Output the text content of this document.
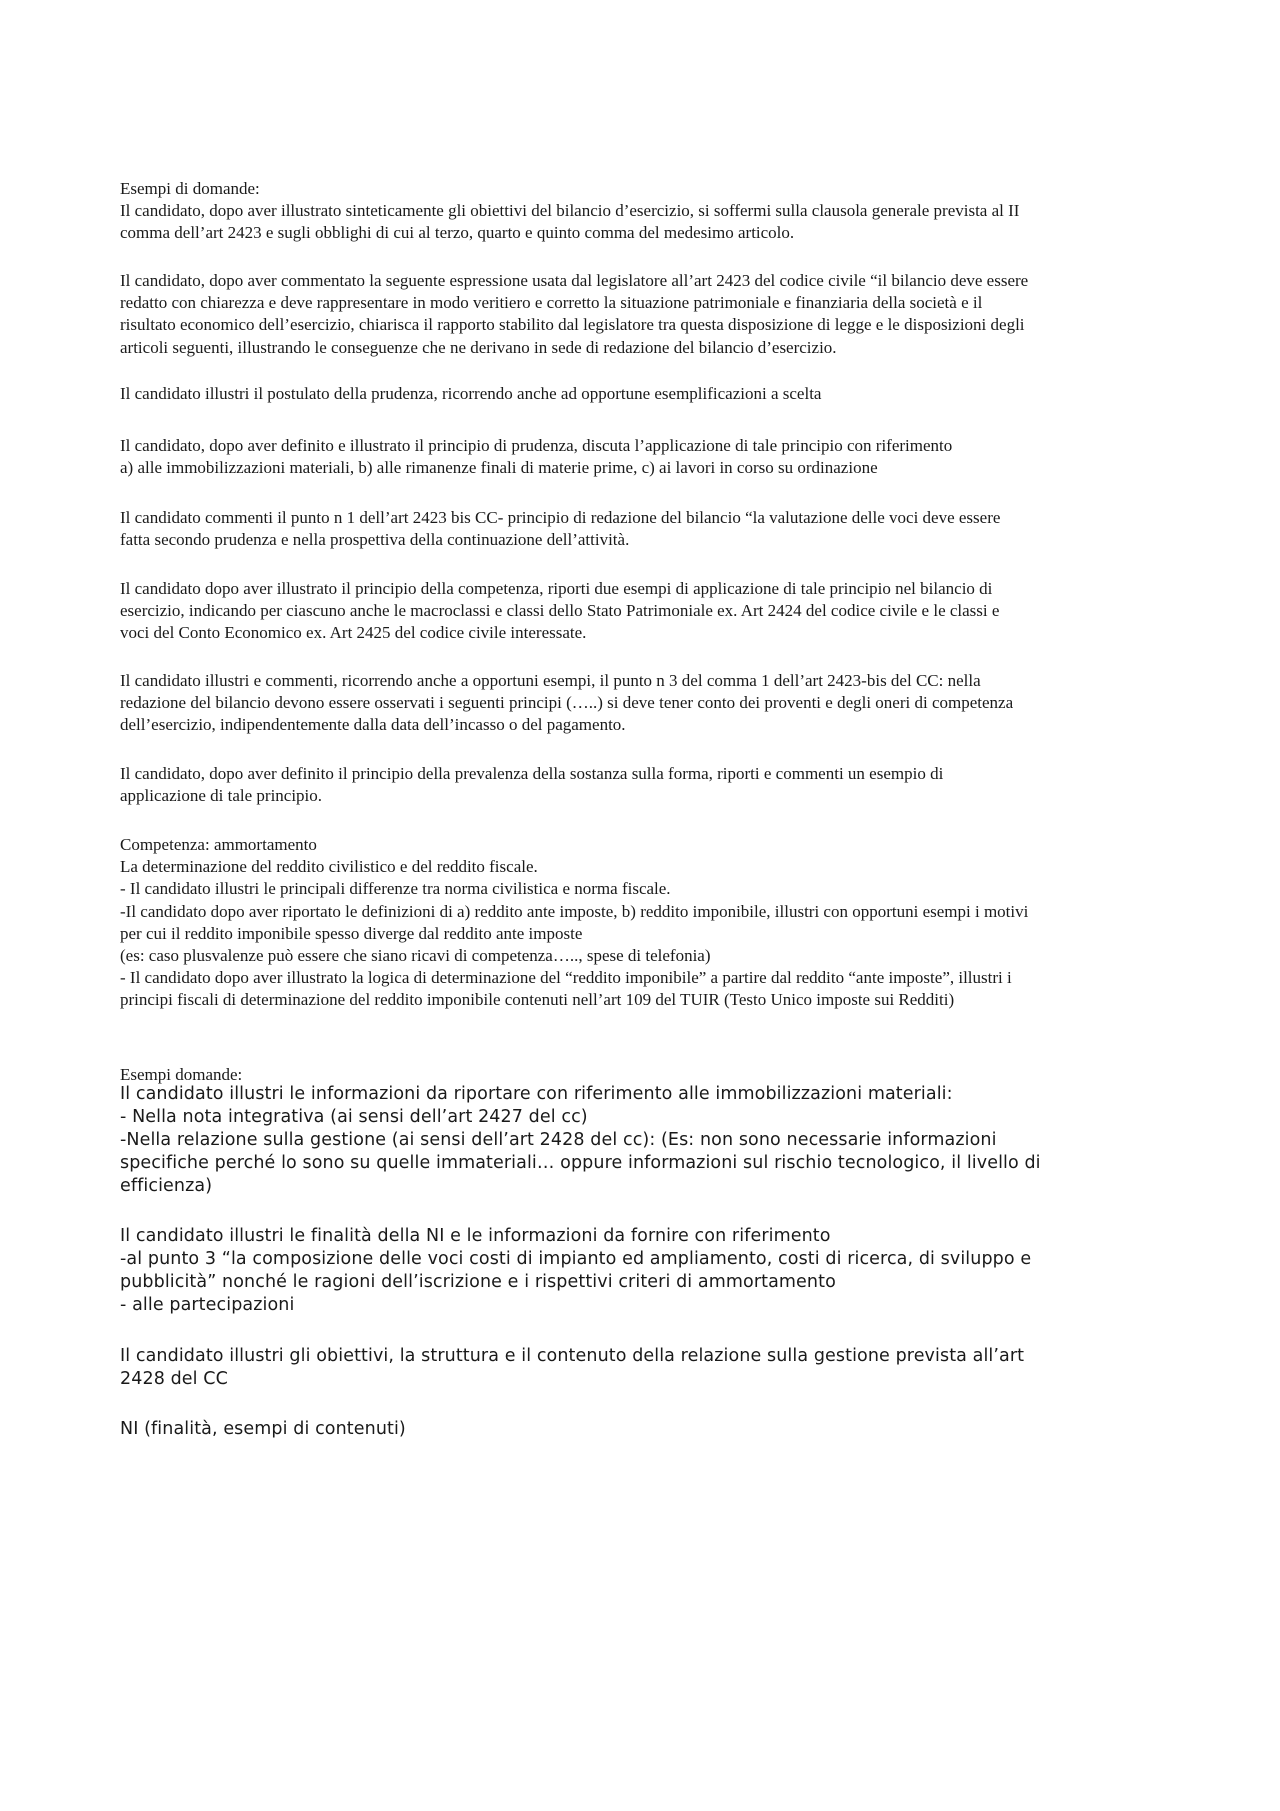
Esempi di domande:
Il candidato, dopo aver illustrato sinteticamente gli obiettivi del bilancio d’esercizio, si soffermi sulla clausola generale prevista al II
comma dell’art 2423 e sugli obblighi di cui al terzo, quarto e quinto comma del medesimo articolo.
Il candidato, dopo aver commentato la seguente espressione usata dal legislatore all’art 2423 del codice civile “il bilancio deve essere
redatto con chiarezza e deve rappresentare in modo veritiero e corretto la situazione patrimoniale e finanziaria della società e il
risultato economico dell’esercizio, chiarisca il rapporto stabilito dal legislatore tra questa disposizione di legge e le disposizioni degli
articoli seguenti, illustrando le conseguenze che ne derivano in sede di redazione del bilancio d’esercizio.
Il candidato illustri il postulato della prudenza, ricorrendo anche ad opportune esemplificazioni a scelta
Il candidato, dopo aver definito e illustrato il principio di prudenza, discuta l’applicazione di tale principio con riferimento
a) alle immobilizzazioni materiali, b) alle rimanenze finali di materie prime, c) ai lavori in corso su ordinazione
Il candidato commenti il punto n 1 dell’art 2423 bis CC- principio di redazione del bilancio “la valutazione delle voci deve essere
fatta secondo prudenza e nella prospettiva della continuazione dell’attività.
Il candidato dopo aver illustrato il principio della competenza, riporti due esempi di applicazione di tale principio nel bilancio di
esercizio, indicando per ciascuno anche le macroclassi e classi dello Stato Patrimoniale ex. Art 2424 del codice civile e le classi e
voci del Conto Economico ex. Art 2425 del codice civile interessate.
Il candidato illustri e commenti, ricorrendo anche a opportuni esempi, il punto n 3 del comma 1 dell’art 2423-bis del CC: nella
redazione del bilancio devono essere osservati i seguenti principi (…..) si deve tener conto dei proventi e degli oneri di competenza
dell’esercizio, indipendentemente dalla data dell’incasso o del pagamento.
Il candidato, dopo aver definito il principio della prevalenza della sostanza sulla forma, riporti e commenti un esempio di
applicazione di tale principio.
Competenza: ammortamento
La determinazione del reddito civilistico e del reddito fiscale.
- Il candidato illustri le principali differenze tra norma civilistica e norma fiscale.
-Il candidato dopo aver riportato le definizioni di a) reddito ante imposte, b) reddito imponibile, illustri con opportuni esempi i motivi
per cui il reddito imponibile spesso diverge dal reddito ante imposte
(es: caso plusvalenze può essere che siano ricavi di competenza….., spese di telefonia)
- Il candidato dopo aver illustrato la logica di determinazione del “reddito imponibile” a partire dal reddito “ante imposte”, illustri i
principi fiscali di determinazione del reddito imponibile contenuti nell’art 109 del TUIR (Testo Unico imposte sui Redditi)
Esempi domande:
Il candidato illustri le informazioni da riportare con riferimento alle immobilizzazioni materiali:
- Nella nota integrativa (ai sensi dell’art 2427 del cc)
-Nella relazione sulla gestione (ai sensi dell’art 2428 del cc): (Es: non sono necessarie informazioni
specifiche perché lo sono su quelle immateriali… oppure informazioni sul rischio tecnologico, il livello di
efficienza)
Il candidato illustri le finalità della NI e le informazioni da fornire con riferimento
-al punto 3 “la composizione delle voci costi di impianto ed ampliamento, costi di ricerca, di sviluppo e
pubblicità” nonché le ragioni dell’iscrizione e i rispettivi criteri di ammortamento
- alle partecipazioni
Il candidato illustri gli obiettivi, la struttura e il contenuto della relazione sulla gestione prevista all’art
2428 del CC
NI (finalità, esempi di contenuti)
